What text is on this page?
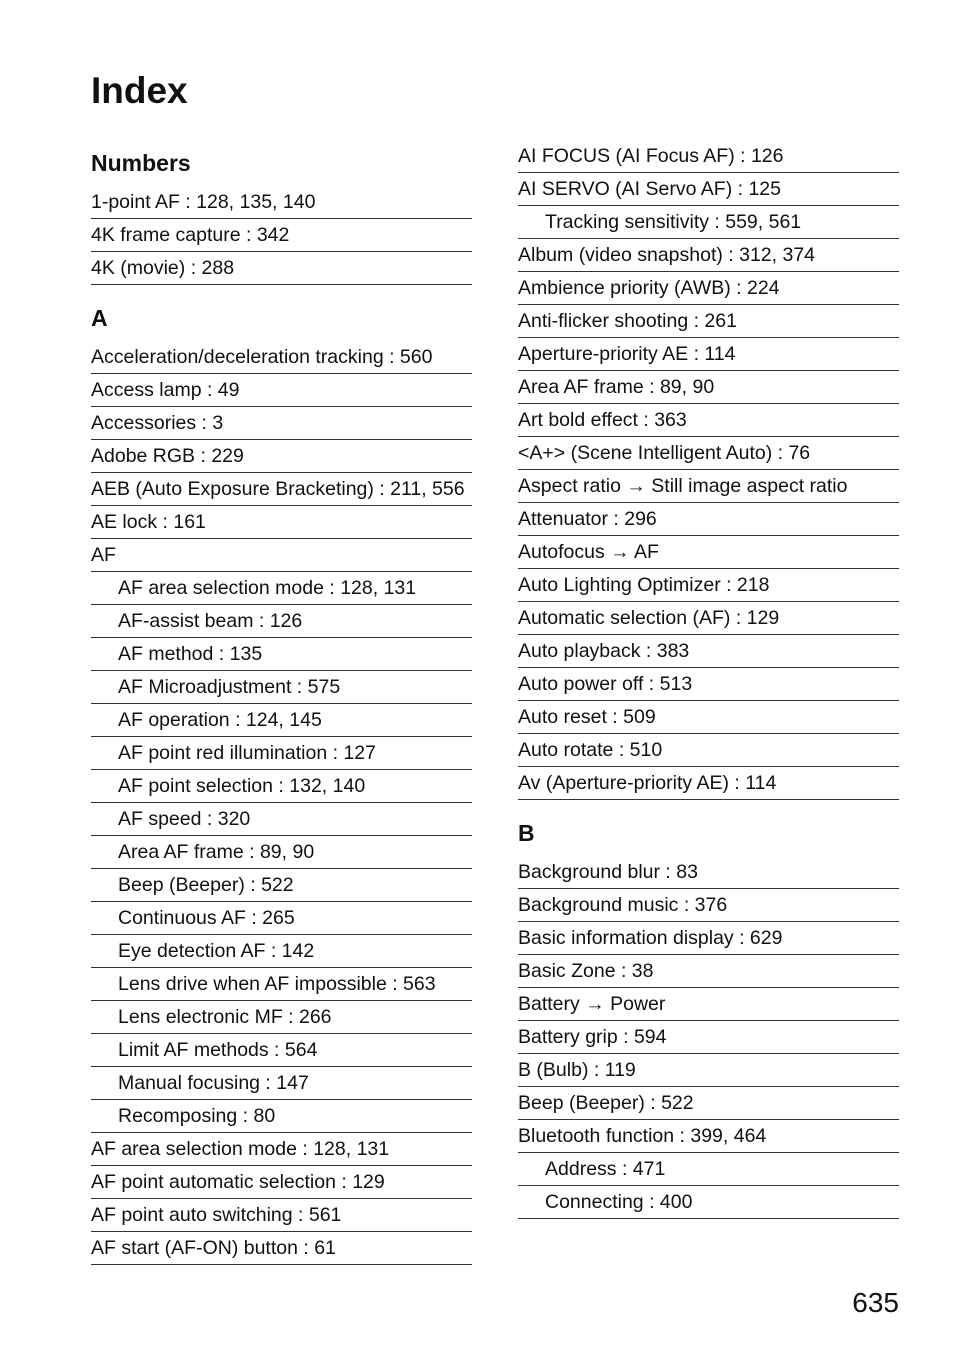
Index
Numbers
1-point AF : 128, 135, 140
4K frame capture : 342
4K (movie) : 288
A
Acceleration/deceleration tracking : 560
Access lamp : 49
Accessories : 3
Adobe RGB : 229
AEB (Auto Exposure Bracketing) : 211, 556
AE lock : 161
AF
AF area selection mode : 128, 131
AF-assist beam : 126
AF method : 135
AF Microadjustment : 575
AF operation : 124, 145
AF point red illumination : 127
AF point selection : 132, 140
AF speed : 320
Area AF frame : 89, 90
Beep (Beeper) : 522
Continuous AF : 265
Eye detection AF : 142
Lens drive when AF impossible : 563
Lens electronic MF : 266
Limit AF methods : 564
Manual focusing : 147
Recomposing : 80
AF area selection mode : 128, 131
AF point automatic selection : 129
AF point auto switching : 561
AF start (AF-ON) button : 61
AI FOCUS (AI Focus AF) : 126
AI SERVO (AI Servo AF) : 125
Tracking sensitivity : 559, 561
Album (video snapshot) : 312, 374
Ambience priority (AWB) : 224
Anti-flicker shooting : 261
Aperture-priority AE : 114
Area AF frame : 89, 90
Art bold effect : 363
<A+> (Scene Intelligent Auto) : 76
Aspect ratio → Still image aspect ratio
Attenuator : 296
Autofocus → AF
Auto Lighting Optimizer : 218
Automatic selection (AF) : 129
Auto playback : 383
Auto power off : 513
Auto reset : 509
Auto rotate : 510
Av (Aperture-priority AE) : 114
B
Background blur : 83
Background music : 376
Basic information display : 629
Basic Zone : 38
Battery → Power
Battery grip : 594
B (Bulb) : 119
Beep (Beeper) : 522
Bluetooth function : 399, 464
Address : 471
Connecting : 400
635
